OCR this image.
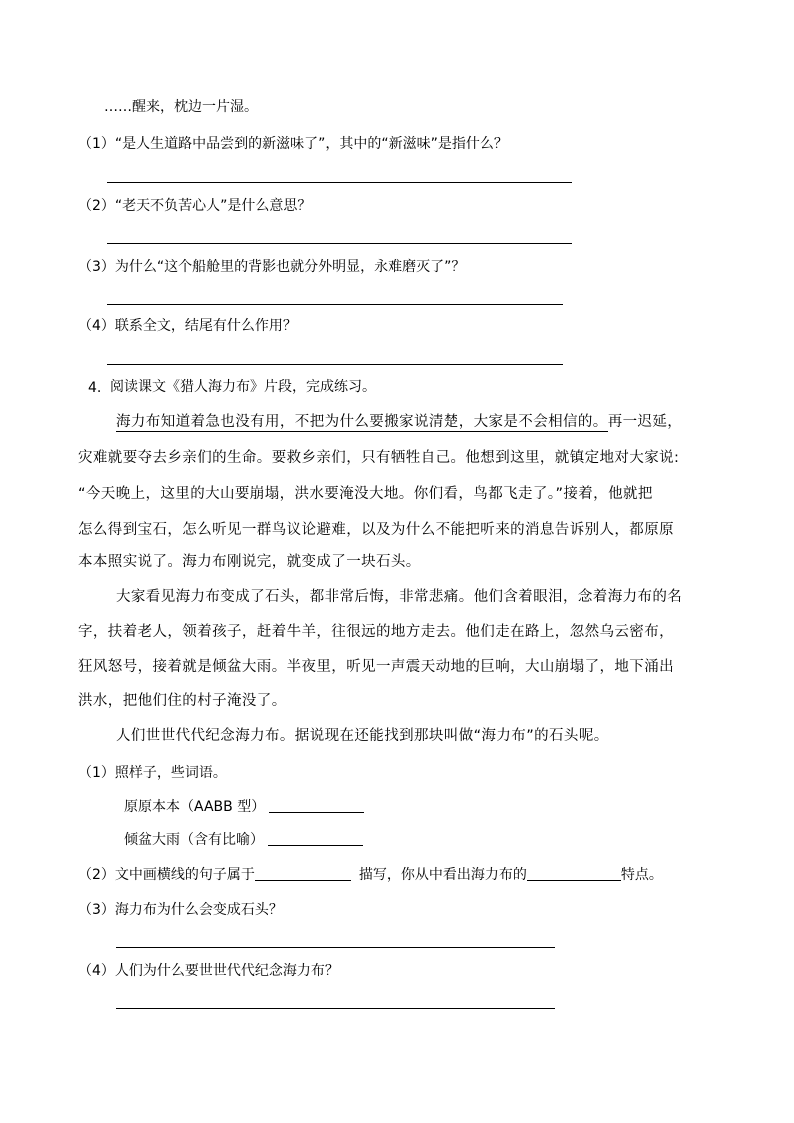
……醒来，枕边一片湿。
（1）“是人生道路中品尝到的新滋味了”，其中的“新滋味”是指什么？
（2）“老天不负苦心人”是什么意思？
（3）为什么“这个船舱里的背影也就分外明显，永难磨灭了”？
（4）联系全文，结尾有什么作用？
4. 阅读课文《猎人海力布》片段，完成练习。
海力布知道着急也没有用，不把为什么要搬家说清楚，大家是不会相信的。再一迟延，
灾难就要夺去乡亲们的生命。要救乡亲们，只有牺牲自己。他想到这里，就镇定地对大家说:
“今天晚上，这里的大山要崩塌，洪水要淹没大地。你们看，鸟都飞走了。”接着，他就把
怎么得到宝石，怎么听见一群鸟议论避难，以及为什么不能把听来的消息告诉别人，都原原
本本照实说了。海力布刚说完，就变成了一块石头。
大家看见海力布变成了石头，都非常后悔，非常悲痛。他们含着眼泪，念着海力布的名
字，扶着老人，领着孩子，赶着牛羊，往很远的地方走去。他们走在路上，忽然乌云密布，
狂风怒号，接着就是倾盆大雨。半夜里，听见一声震天动地的巨响，大山崩塌了，地下涌出
洪水，把他们住的村子淹没了。
人们世世代代纪念海力布。据说现在还能找到那块叫做“海力布”的石头呢。
（1）照样子，些词语。
原原本本（AABB 型）
倾盆大雨（含有比喻）
（2）文中画横线的句子属于	描写，你从中看出海力布的	特点。
（3）海力布为什么会变成石头？
（4）人们为什么要世世代代纪念海力布？
